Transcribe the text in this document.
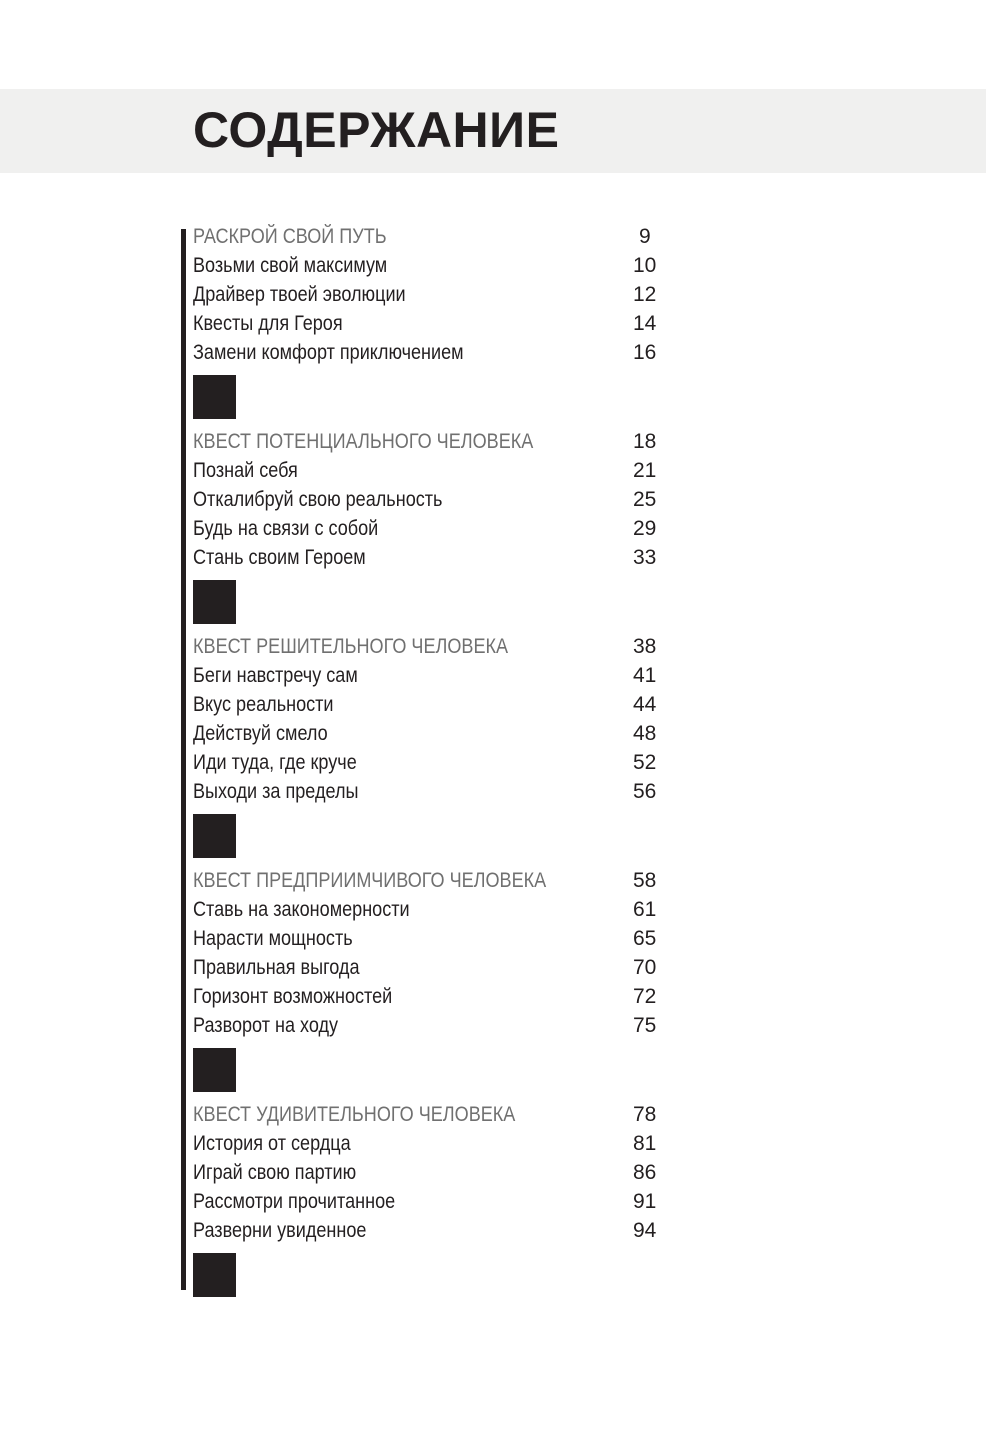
СОДЕРЖАНИЕ
РАСКРОЙ СВОЙ ПУТЬ	9
Возьми свой максимум	10
Драйвер твоей эволюции	12
Квесты для Героя	14
Замени комфорт приключением	16
КВЕСТ ПОТЕНЦИАЛЬНОГО ЧЕЛОВЕКА	18
Познай себя	21
Откалибруй свою реальность	25
Будь на связи с собой	29
Стань своим Героем	33
КВЕСТ РЕШИТЕЛЬНОГО ЧЕЛОВЕКА	38
Беги навстречу сам	41
Вкус реальности	44
Действуй смело	48
Иди туда, где круче	52
Выходи за пределы	56
КВЕСТ ПРЕДПРИИМЧИВОГО ЧЕЛОВЕКА	58
Ставь на закономерности	61
Нарасти мощность	65
Правильная выгода	70
Горизонт возможностей	72
Разворот на ходу	75
КВЕСТ УДИВИТЕЛЬНОГО ЧЕЛОВЕКА	78
История от сердца	81
Играй свою партию	86
Рассмотри прочитанное	91
Разверни увиденное	94
